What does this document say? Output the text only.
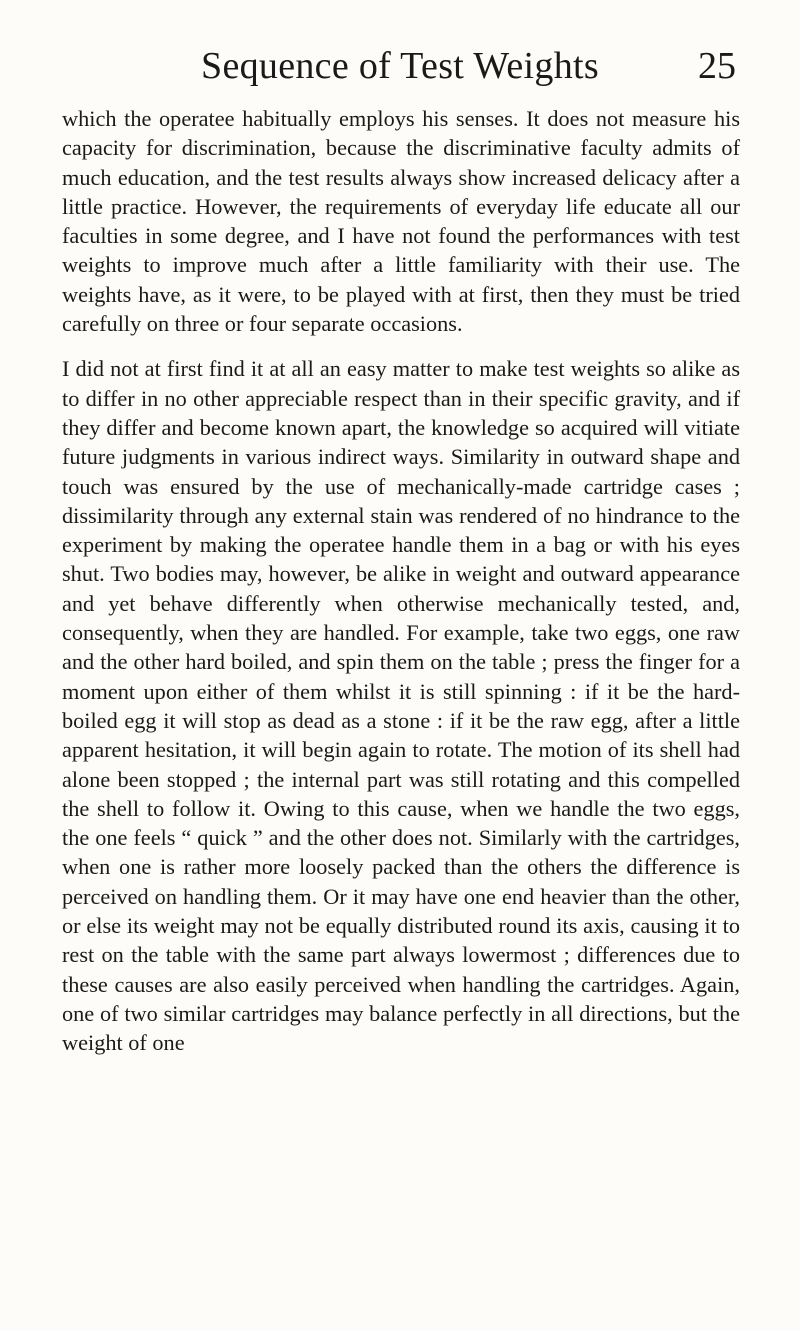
Sequence of Test Weights	25

which the operatee habitually employs his senses. It does not measure his capacity for discrimination, because the discriminative faculty admits of much education, and the test results always show increased delicacy after a little practice. However, the requirements of everyday life educate all our faculties in some degree, and I have not found the performances with test weights to improve much after a little familiarity with their use. The weights have, as it were, to be played with at first, then they must be tried carefully on three or four separate occasions.

I did not at first find it at all an easy matter to make test weights so alike as to differ in no other appreciable respect than in their specific gravity, and if they differ and become known apart, the knowledge so acquired will vitiate future judgments in various indirect ways. Similarity in outward shape and touch was ensured by the use of mechanically-made cartridge cases ; dissimilarity through any external stain was rendered of no hindrance to the experiment by making the operatee handle them in a bag or with his eyes shut. Two bodies may, however, be alike in weight and outward appearance and yet behave differently when otherwise mechanically tested, and, consequently, when they are handled. For example, take two eggs, one raw and the other hard boiled, and spin them on the table ; press the finger for a moment upon either of them whilst it is still spinning : if it be the hard-boiled egg it will stop as dead as a stone : if it be the raw egg, after a little apparent hesitation, it will begin again to rotate. The motion of its shell had alone been stopped ; the internal part was still rotating and this compelled the shell to follow it. Owing to this cause, when we handle the two eggs, the one feels “ quick ” and the other does not. Similarly with the cartridges, when one is rather more loosely packed than the others the difference is perceived on handling them. Or it may have one end heavier than the other, or else its weight may not be equally distributed round its axis, causing it to rest on the table with the same part always lowermost ; differences due to these causes are also easily perceived when handling the cartridges. Again, one of two similar cartridges may balance perfectly in all directions, but the weight of one
